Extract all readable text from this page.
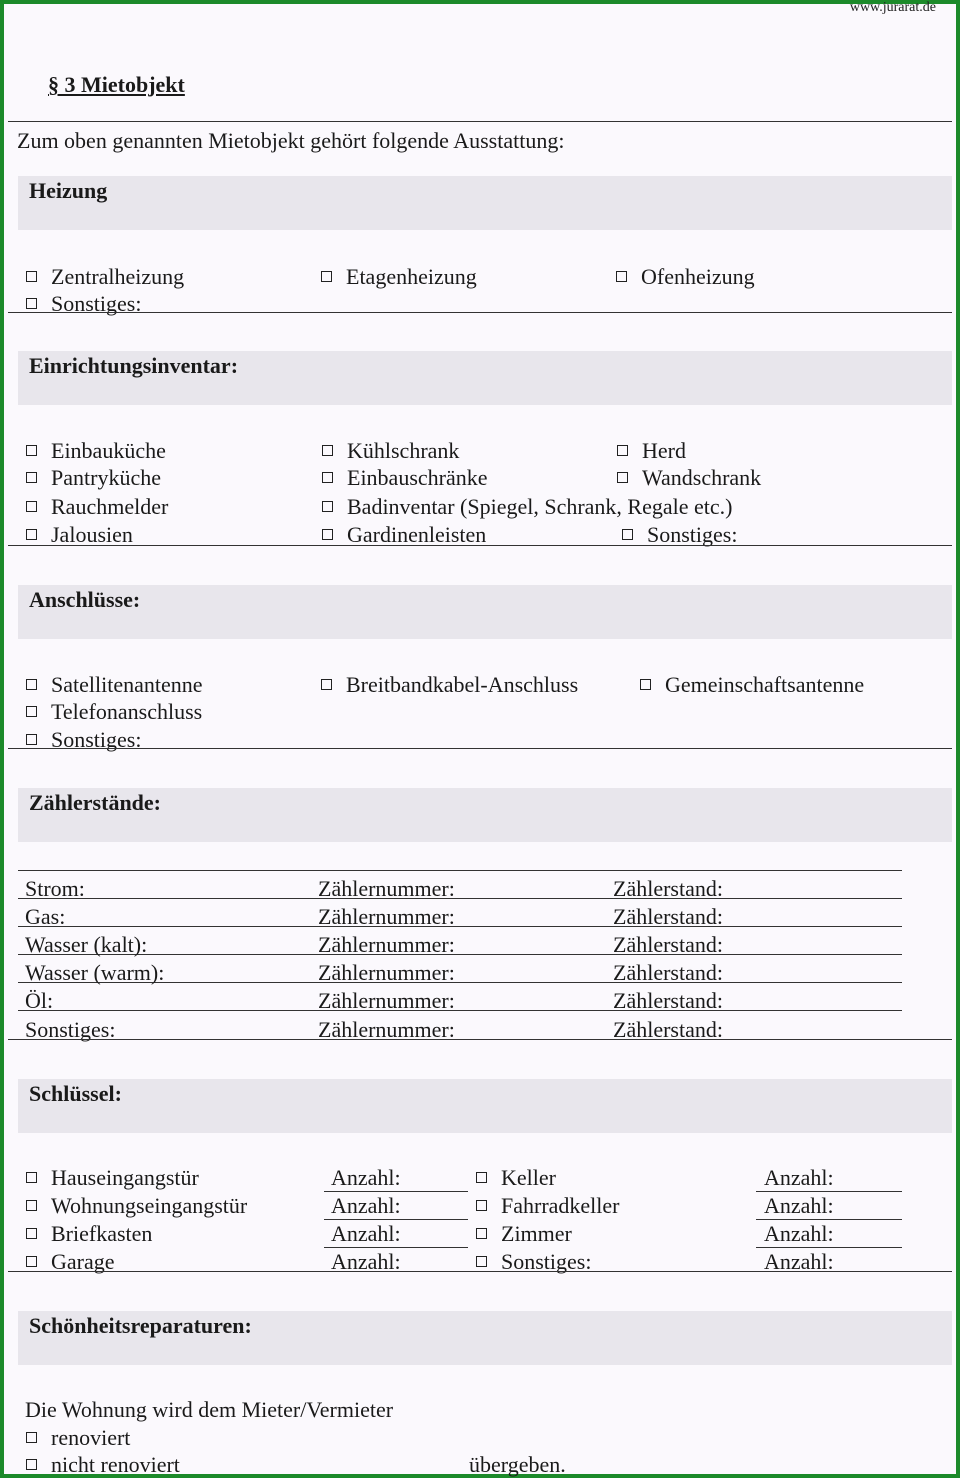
www.jurarat.de
§ 3 Mietobjekt
Zum oben genannten Mietobjekt gehört folgende Ausstattung:
Heizung
Zentralheizung	Etagenheizung	Ofenheizung
Sonstiges:
Einrichtungsinventar:
Einbauküche	Kühlschrank	Herd
Pantryküche	Einbauschränke	Wandschrank
Rauchmelder	Badinventar (Spiegel, Schrank, Regale etc.)
Jalousien	Gardinenleisten	Sonstiges:
Anschlüsse:
Satellitenantenne	Breitbandkabel-Anschluss	Gemeinschaftsantenne
Telefonanschluss
Sonstiges:
Zählerstände:
Strom:	Zählernummer:	Zählerstand:
Gas:	Zählernummer:	Zählerstand:
Wasser (kalt):	Zählernummer:	Zählerstand:
Wasser (warm):	Zählernummer:	Zählerstand:
Öl:	Zählernummer:	Zählerstand:
Sonstiges:	Zählernummer:	Zählerstand:
Schlüssel:
Hauseingangstür	Anzahl:	Keller	Anzahl:
Wohnungseingangstür	Anzahl:	Fahrradkeller	Anzahl:
Briefkasten	Anzahl:	Zimmer	Anzahl:
Garage	Anzahl:	Sonstiges:	Anzahl:
Schönheitsreparaturen:
Die Wohnung wird dem Mieter/Vermieter
renoviert
nicht renoviert	übergeben.
